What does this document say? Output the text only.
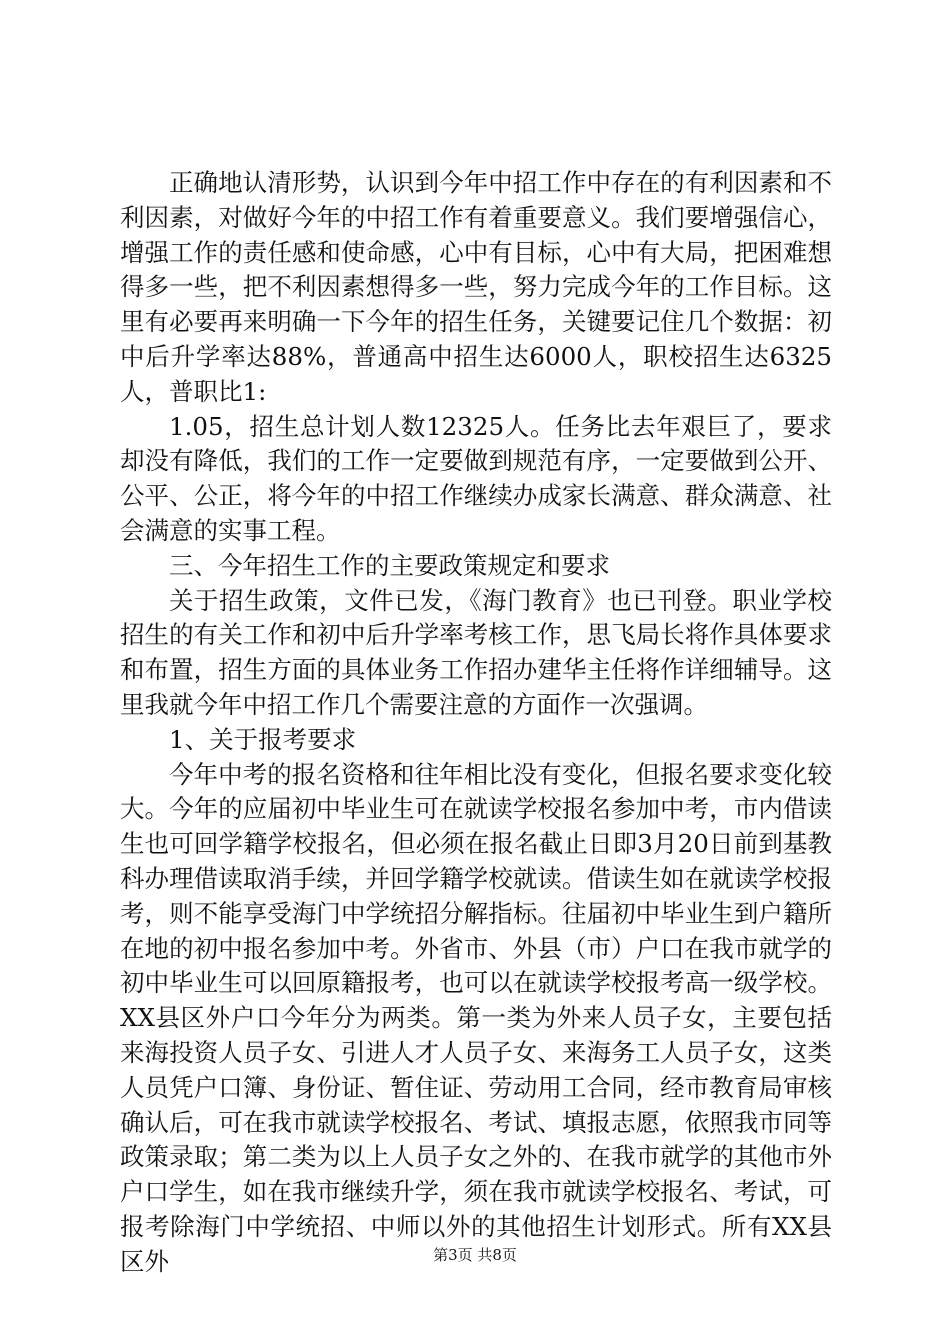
正确地认清形势，认识到今年中招工作中存在的有利因素和不利因素，对做好今年的中招工作有着重要意义。我们要增强信心，增强工作的责任感和使命感，心中有目标，心中有大局，把困难想得多一些，把不利因素想得多一些，努力完成今年的工作目标。这里有必要再来明确一下今年的招生任务，关键要记住几个数据：初中后升学率达88%，普通高中招生达6000人，职校招生达6325人，普职比1:

1.05，招生总计划人数12325人。任务比去年艰巨了，要求却没有降低，我们的工作一定要做到规范有序，一定要做到公开、公平、公正，将今年的中招工作继续办成家长满意、群众满意、社会满意的实事工程。

三、今年招生工作的主要政策规定和要求

关于招生政策，文件已发，《海门教育》也已刊登。职业学校招生的有关工作和初中后升学率考核工作，思飞局长将作具体要求和布置，招生方面的具体业务工作招办建华主任将作详细辅导。这里我就今年中招工作几个需要注意的方面作一次强调。

1、关于报考要求

今年中考的报名资格和往年相比没有变化，但报名要求变化较大。今年的应届初中毕业生可在就读学校报名参加中考，市内借读生也可回学籍学校报名，但必须在报名截止日即3月20日前到基教科办理借读取消手续，并回学籍学校就读。借读生如在就读学校报考，则不能享受海门中学统招分解指标。往届初中毕业生到户籍所在地的初中报名参加中考。外省市、外县（市）户口在我市就学的初中毕业生可以回原籍报考，也可以在就读学校报考高一级学校。XX县区外户口今年分为两类。第一类为外来人员子女，主要包括来海投资人员子女、引进人才人员子女、来海务工人员子女，这类人员凭户口簿、身份证、暂住证、劳动用工合同，经市教育局审核确认后，可在我市就读学校报名、考试、填报志愿，依照我市同等政策录取；第二类为以上人员子女之外的、在我市就学的其他市外户口学生，如在我市继续升学，须在我市就读学校报名、考试，可报考除海门中学统招、中师以外的其他招生计划形式。所有XX县区外	第3页 共8页
